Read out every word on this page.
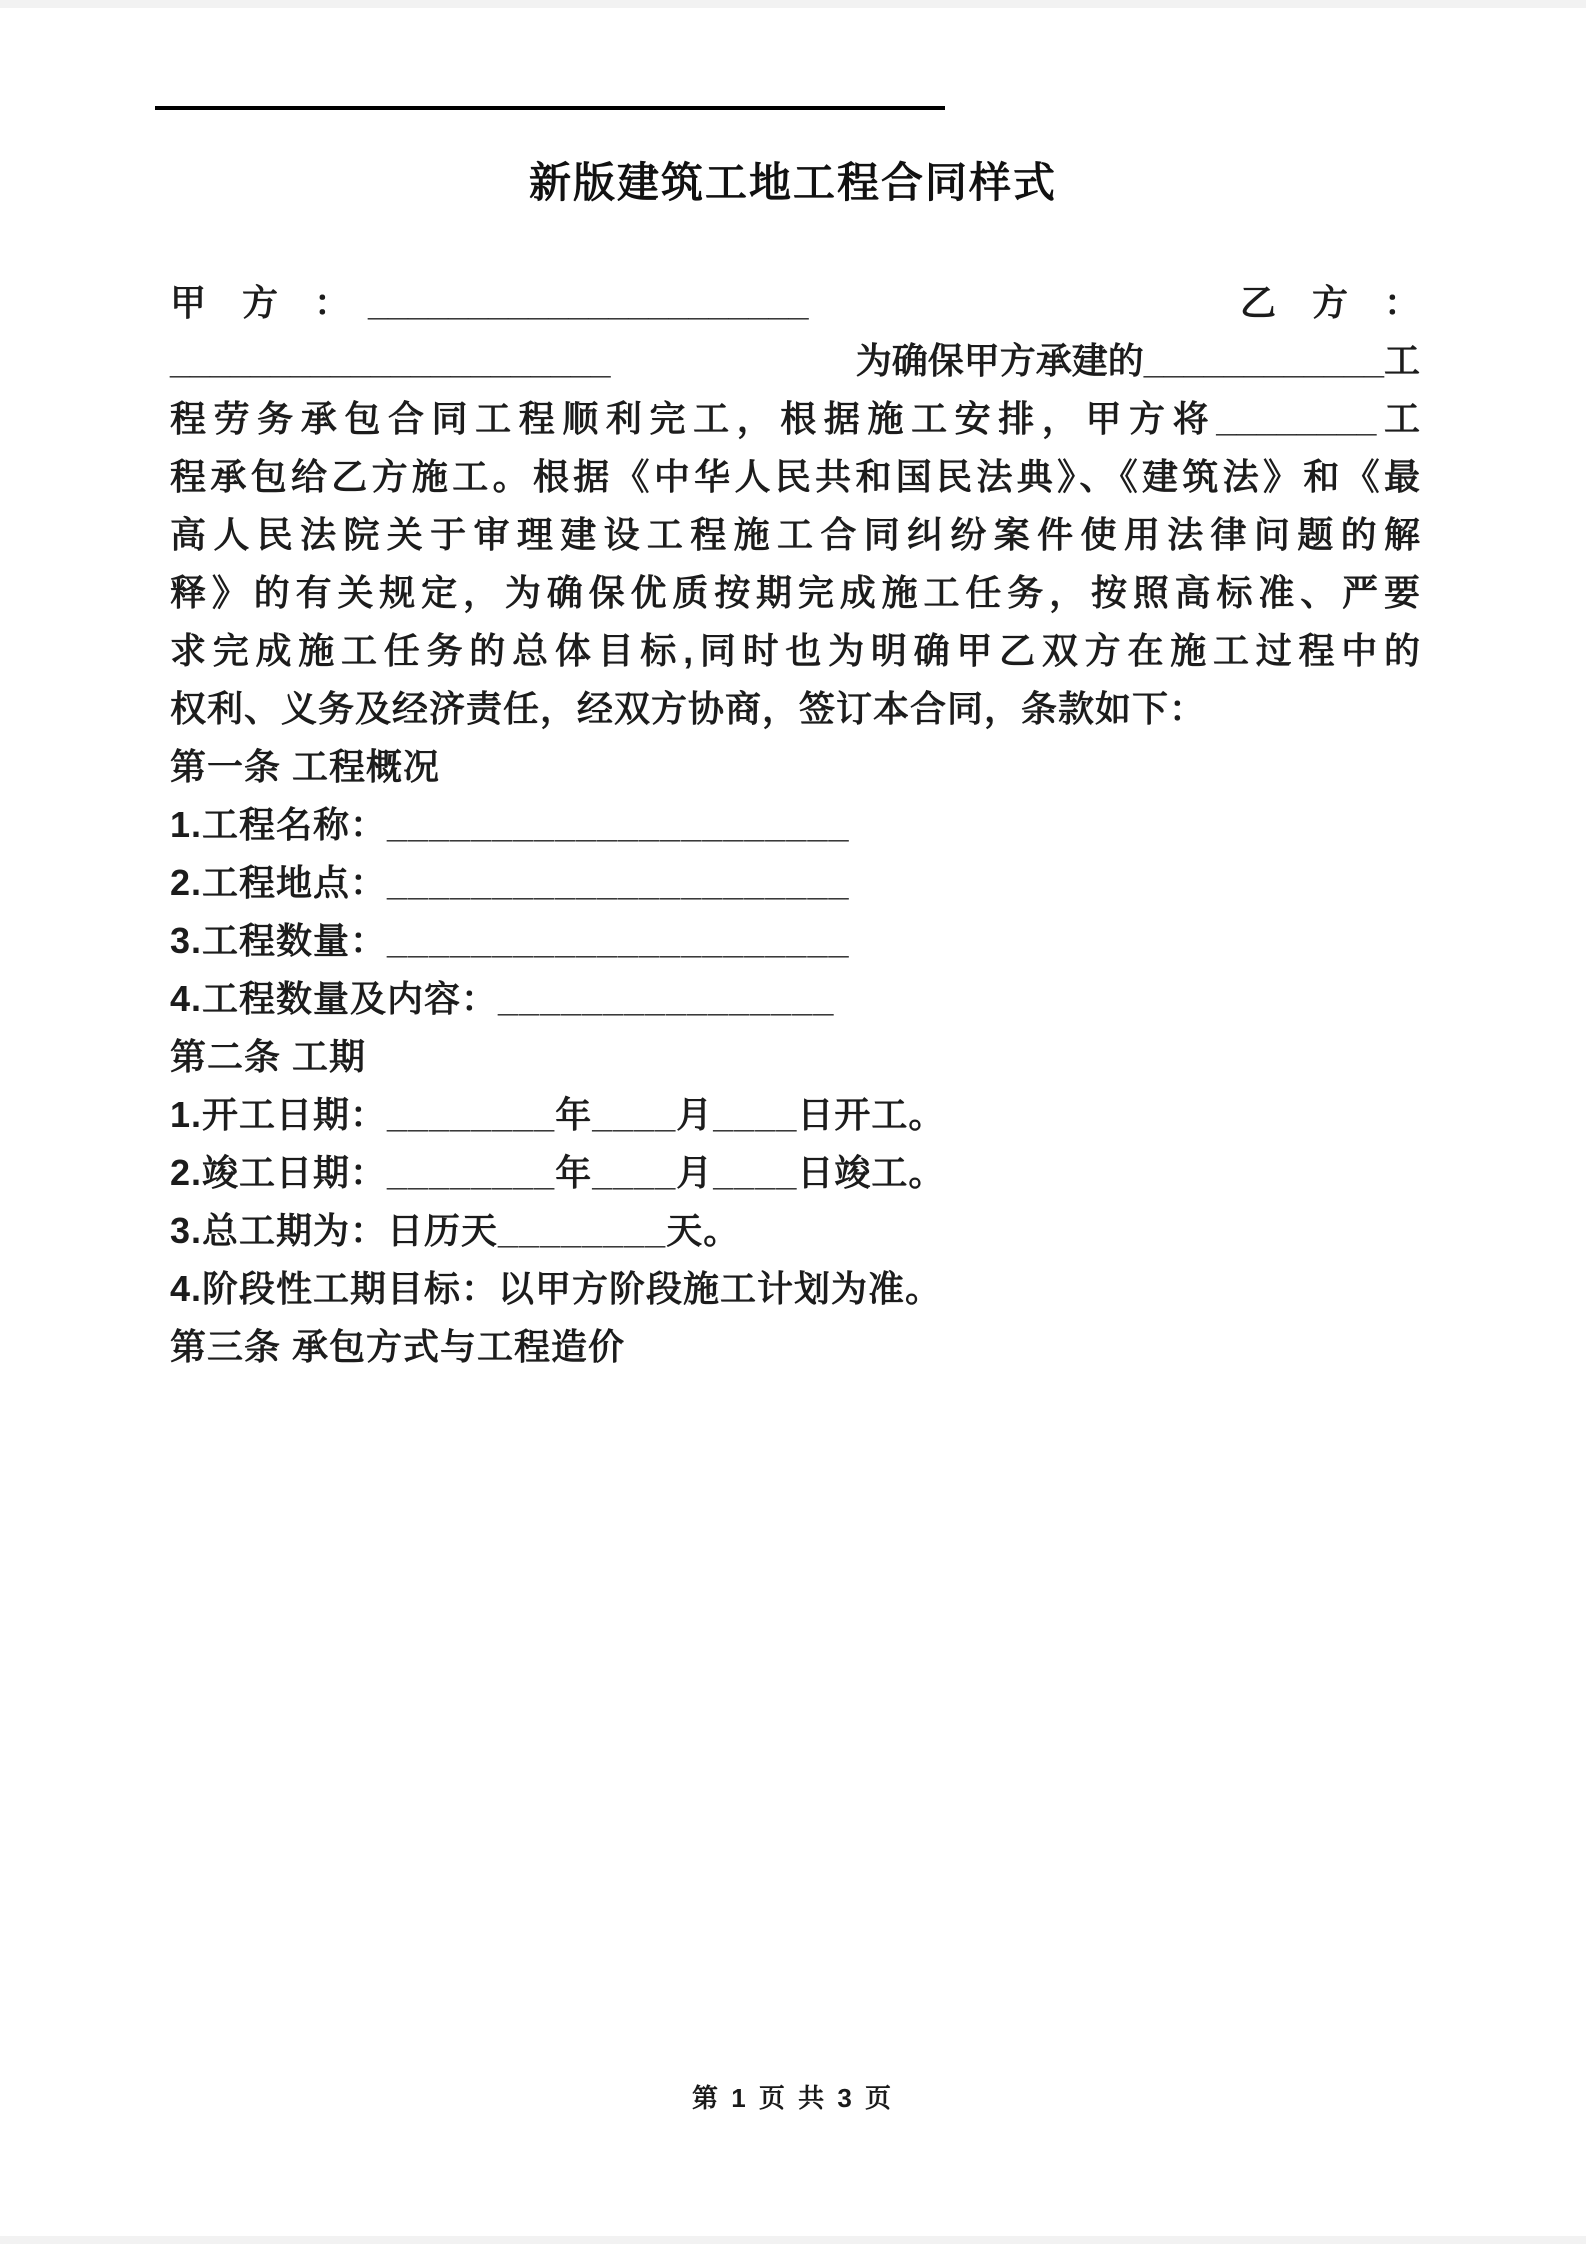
新版建筑工地工程合同样式
甲　方　：　______________________	乙　方　：
______________________	为确保甲方承建的____________工
程劳务承包合同工程顺利完工，根据施工安排，甲方将________工
程承包给乙方施工。根据《中华人民共和国民法典》、《建筑法》和《最
高人民法院关于审理建设工程施工合同纠纷案件使用法律问题的解
释》的有关规定，为确保优质按期完成施工任务，按照高标准、严要
求完成施工任务的总体目标,同时也为明确甲乙双方在施工过程中的
权利、义务及经济责任，经双方协商，签订本合同，条款如下：
第一条 工程概况
1.工程名称：______________________
2.工程地点：______________________
3.工程数量：______________________
4.工程数量及内容：________________
第二条 工期
1.开工日期：________年____月____日开工。
2.竣工日期：________年____月____日竣工。
3.总工期为：日历天________天。
4.阶段性工期目标：以甲方阶段施工计划为准。
第三条 承包方式与工程造价
第 1 页 共 3 页
